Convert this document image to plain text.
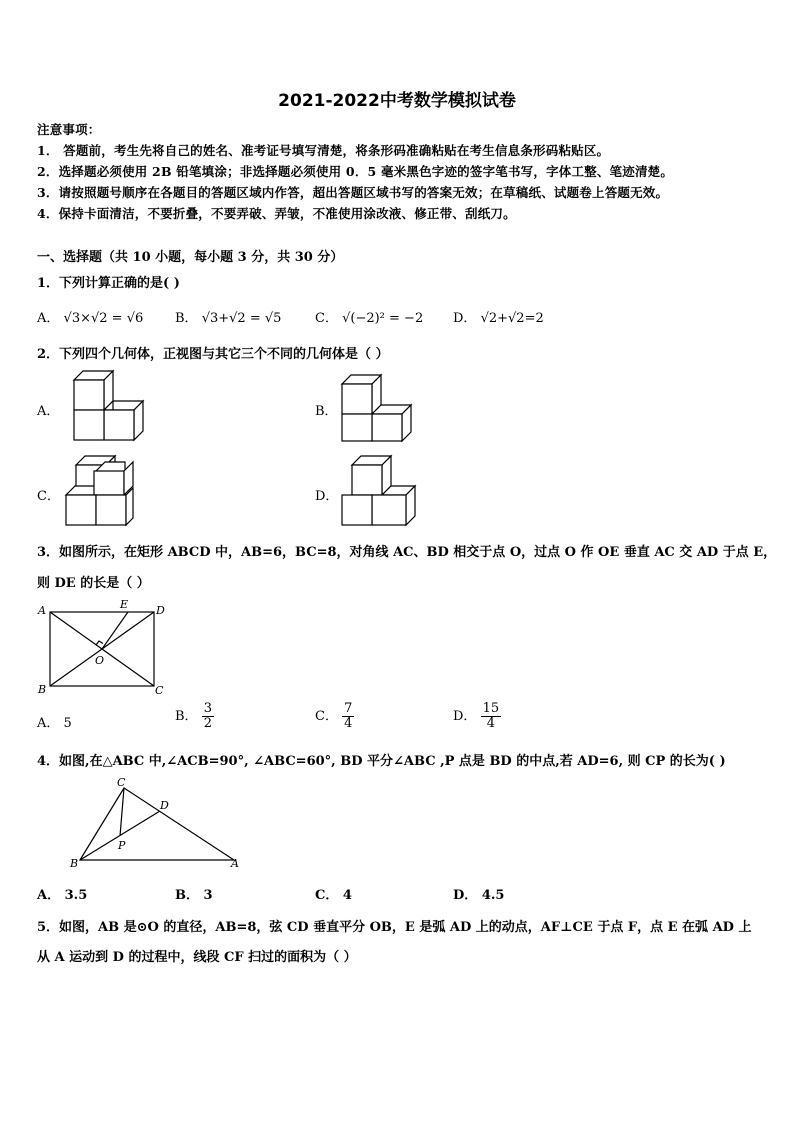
2021-2022中考数学模拟试卷
注意事项：
1． 答题前，考生先将自己的姓名、准考证号填写清楚，将条形码准确粘贴在考生信息条形码粘贴区。
2．选择题必须使用 2B 铅笔填涂；非选择题必须使用 0．5 毫米黑色字迹的签字笔书写，字体工整、笔迹清楚。
3．请按照题号顺序在各题目的答题区域内作答，超出答题区域书写的答案无效；在草稿纸、试题卷上答题无效。
4．保持卡面清洁，不要折叠，不要弄破、弄皱，不准使用涂改液、修正带、刮纸刀。
一、选择题（共 10 小题，每小题 3 分，共 30 分）
1．下列计算正确的是( )
A． √3×√2 = √6 B． √3+√2 = √5	C． √(−2)² = −2 D． √2+√2=2
2．下列四个几何体，正视图与其它三个不同的几何体是（ ）
A．	B．
C．	D．
3．如图所示，在矩形 ABCD 中，AB=6，BC=8，对角线 AC、BD 相交于点 O，过点 O 作 OE 垂直 AC 交 AD 于点 E，
则 DE 的长是（ ）
A
B	C
D
E
O
A． 5	B． $\frac{3}{2}$	C． $\frac{7}{4}$	D． $\frac{15}{4}$
4．如图,在△ABC 中,∠ACB=90°, ∠ABC=60°, BD 平分∠ABC ,P 点是 BD 的中点,若 AD=6, 则 CP 的长为( )
B
C
D
P
A
A． 3.5	B． 3	C． 4	D． 4.5
5．如图，AB 是⊙O 的直径，AB=8，弦 CD 垂直平分 OB，E 是弧 AD 上的动点，AF⊥CE 于点 F，点 E 在弧 AD 上
从 A 运动到 D 的过程中，线段 CF 扫过的面积为（ ）
